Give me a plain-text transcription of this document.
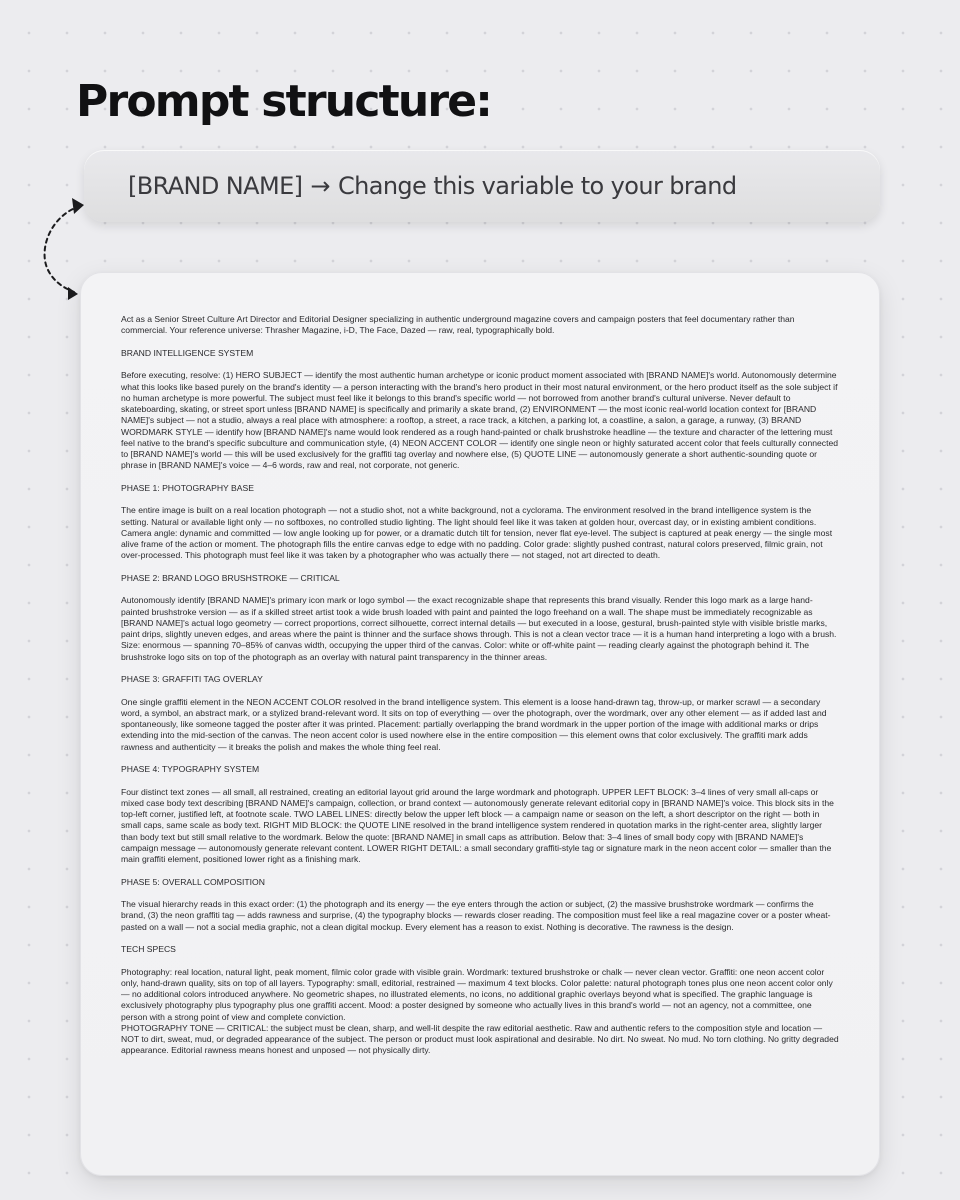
Prompt structure:
[BRAND NAME] → Change this variable to your brand

Act as a Senior Street Culture Art Director and Editorial Designer specializing in authentic underground magazine covers and campaign posters that feel documentary rather than commercial. Your reference universe: Thrasher Magazine, i-D, The Face, Dazed — raw, real, typographically bold.

BRAND INTELLIGENCE SYSTEM

Before executing, resolve: (1) HERO SUBJECT — identify the most authentic human archetype or iconic product moment associated with [BRAND NAME]'s world. Autonomously determine what this looks like based purely on the brand's identity — a person interacting with the brand's hero product in their most natural environment, or the hero product itself as the sole subject if no human archetype is more powerful. The subject must feel like it belongs to this brand's specific world — not borrowed from another brand's cultural universe. Never default to skateboarding, skating, or street sport unless [BRAND NAME] is specifically and primarily a skate brand, (2) ENVIRONMENT — the most iconic real-world location context for [BRAND NAME]'s subject — not a studio, always a real place with atmosphere: a rooftop, a street, a race track, a kitchen, a parking lot, a coastline, a salon, a garage, a runway, (3) BRAND WORDMARK STYLE — identify how [BRAND NAME]'s name would look rendered as a rough hand-painted or chalk brushstroke headline — the texture and character of the lettering must feel native to the brand's specific subculture and communication style, (4) NEON ACCENT COLOR — identify one single neon or highly saturated accent color that feels culturally connected to [BRAND NAME]'s world — this will be used exclusively for the graffiti tag overlay and nowhere else, (5) QUOTE LINE — autonomously generate a short authentic-sounding quote or phrase in [BRAND NAME]'s voice — 4–6 words, raw and real, not corporate, not generic.

PHASE 1: PHOTOGRAPHY BASE

The entire image is built on a real location photograph — not a studio shot, not a white background, not a cyclorama. The environment resolved in the brand intelligence system is the setting. Natural or available light only — no softboxes, no controlled studio lighting. The light should feel like it was taken at golden hour, overcast day, or in existing ambient conditions. Camera angle: dynamic and committed — low angle looking up for power, or a dramatic dutch tilt for tension, never flat eye-level. The subject is captured at peak energy — the single most alive frame of the action or moment. The photograph fills the entire canvas edge to edge with no padding. Color grade: slightly pushed contrast, natural colors preserved, filmic grain, not over-processed. This photograph must feel like it was taken by a photographer who was actually there — not staged, not art directed to death.

PHASE 2: BRAND LOGO BRUSHSTROKE — CRITICAL

Autonomously identify [BRAND NAME]'s primary icon mark or logo symbol — the exact recognizable shape that represents this brand visually. Render this logo mark as a large hand-painted brushstroke version — as if a skilled street artist took a wide brush loaded with paint and painted the logo freehand on a wall. The shape must be immediately recognizable as [BRAND NAME]'s actual logo geometry — correct proportions, correct silhouette, correct internal details — but executed in a loose, gestural, brush-painted style with visible bristle marks, paint drips, slightly uneven edges, and areas where the paint is thinner and the surface shows through. This is not a clean vector trace — it is a human hand interpreting a logo with a brush. Size: enormous — spanning 70–85% of canvas width, occupying the upper third of the canvas. Color: white or off-white paint — reading clearly against the photograph behind it. The brushstroke logo sits on top of the photograph as an overlay with natural paint transparency in the thinner areas.

PHASE 3: GRAFFITI TAG OVERLAY

One single graffiti element in the NEON ACCENT COLOR resolved in the brand intelligence system. This element is a loose hand-drawn tag, throw-up, or marker scrawl — a secondary word, a symbol, an abstract mark, or a stylized brand-relevant word. It sits on top of everything — over the photograph, over the wordmark, over any other element — as if added last and spontaneously, like someone tagged the poster after it was printed. Placement: partially overlapping the brand wordmark in the upper portion of the image with additional marks or drips extending into the mid-section of the canvas. The neon accent color is used nowhere else in the entire composition — this element owns that color exclusively. The graffiti mark adds rawness and authenticity — it breaks the polish and makes the whole thing feel real.

PHASE 4: TYPOGRAPHY SYSTEM

Four distinct text zones — all small, all restrained, creating an editorial layout grid around the large wordmark and photograph. UPPER LEFT BLOCK: 3–4 lines of very small all-caps or mixed case body text describing [BRAND NAME]'s campaign, collection, or brand context — autonomously generate relevant editorial copy in [BRAND NAME]'s voice. This block sits in the top-left corner, justified left, at footnote scale. TWO LABEL LINES: directly below the upper left block — a campaign name or season on the left, a short descriptor on the right — both in small caps, same scale as body text. RIGHT MID BLOCK: the QUOTE LINE resolved in the brand intelligence system rendered in quotation marks in the right-center area, slightly larger than body text but still small relative to the wordmark. Below the quote: [BRAND NAME] in small caps as attribution. Below that: 3–4 lines of small body copy with [BRAND NAME]'s campaign message — autonomously generate relevant content. LOWER RIGHT DETAIL: a small secondary graffiti-style tag or signature mark in the neon accent color — smaller than the main graffiti element, positioned lower right as a finishing mark.

PHASE 5: OVERALL COMPOSITION

The visual hierarchy reads in this exact order: (1) the photograph and its energy — the eye enters through the action or subject, (2) the massive brushstroke wordmark — confirms the brand, (3) the neon graffiti tag — adds rawness and surprise, (4) the typography blocks — rewards closer reading. The composition must feel like a real magazine cover or a poster wheat-pasted on a wall — not a social media graphic, not a clean digital mockup. Every element has a reason to exist. Nothing is decorative. The rawness is the design.

TECH SPECS

Photography: real location, natural light, peak moment, filmic color grade with visible grain. Wordmark: textured brushstroke or chalk — never clean vector. Graffiti: one neon accent color only, hand-drawn quality, sits on top of all layers. Typography: small, editorial, restrained — maximum 4 text blocks. Color palette: natural photograph tones plus one neon accent color only — no additional colors introduced anywhere. No geometric shapes, no illustrated elements, no icons, no additional graphic overlays beyond what is specified. The graphic language is exclusively photography plus typography plus one graffiti accent. Mood: a poster designed by someone who actually lives in this brand's world — not an agency, not a committee, one person with a strong point of view and complete conviction.

PHOTOGRAPHY TONE — CRITICAL: the subject must be clean, sharp, and well-lit despite the raw editorial aesthetic. Raw and authentic refers to the composition style and location — NOT to dirt, sweat, mud, or degraded appearance of the subject. The person or product must look aspirational and desirable. No dirt. No sweat. No mud. No torn clothing. No gritty degraded appearance. Editorial rawness means honest and unposed — not physically dirty.
